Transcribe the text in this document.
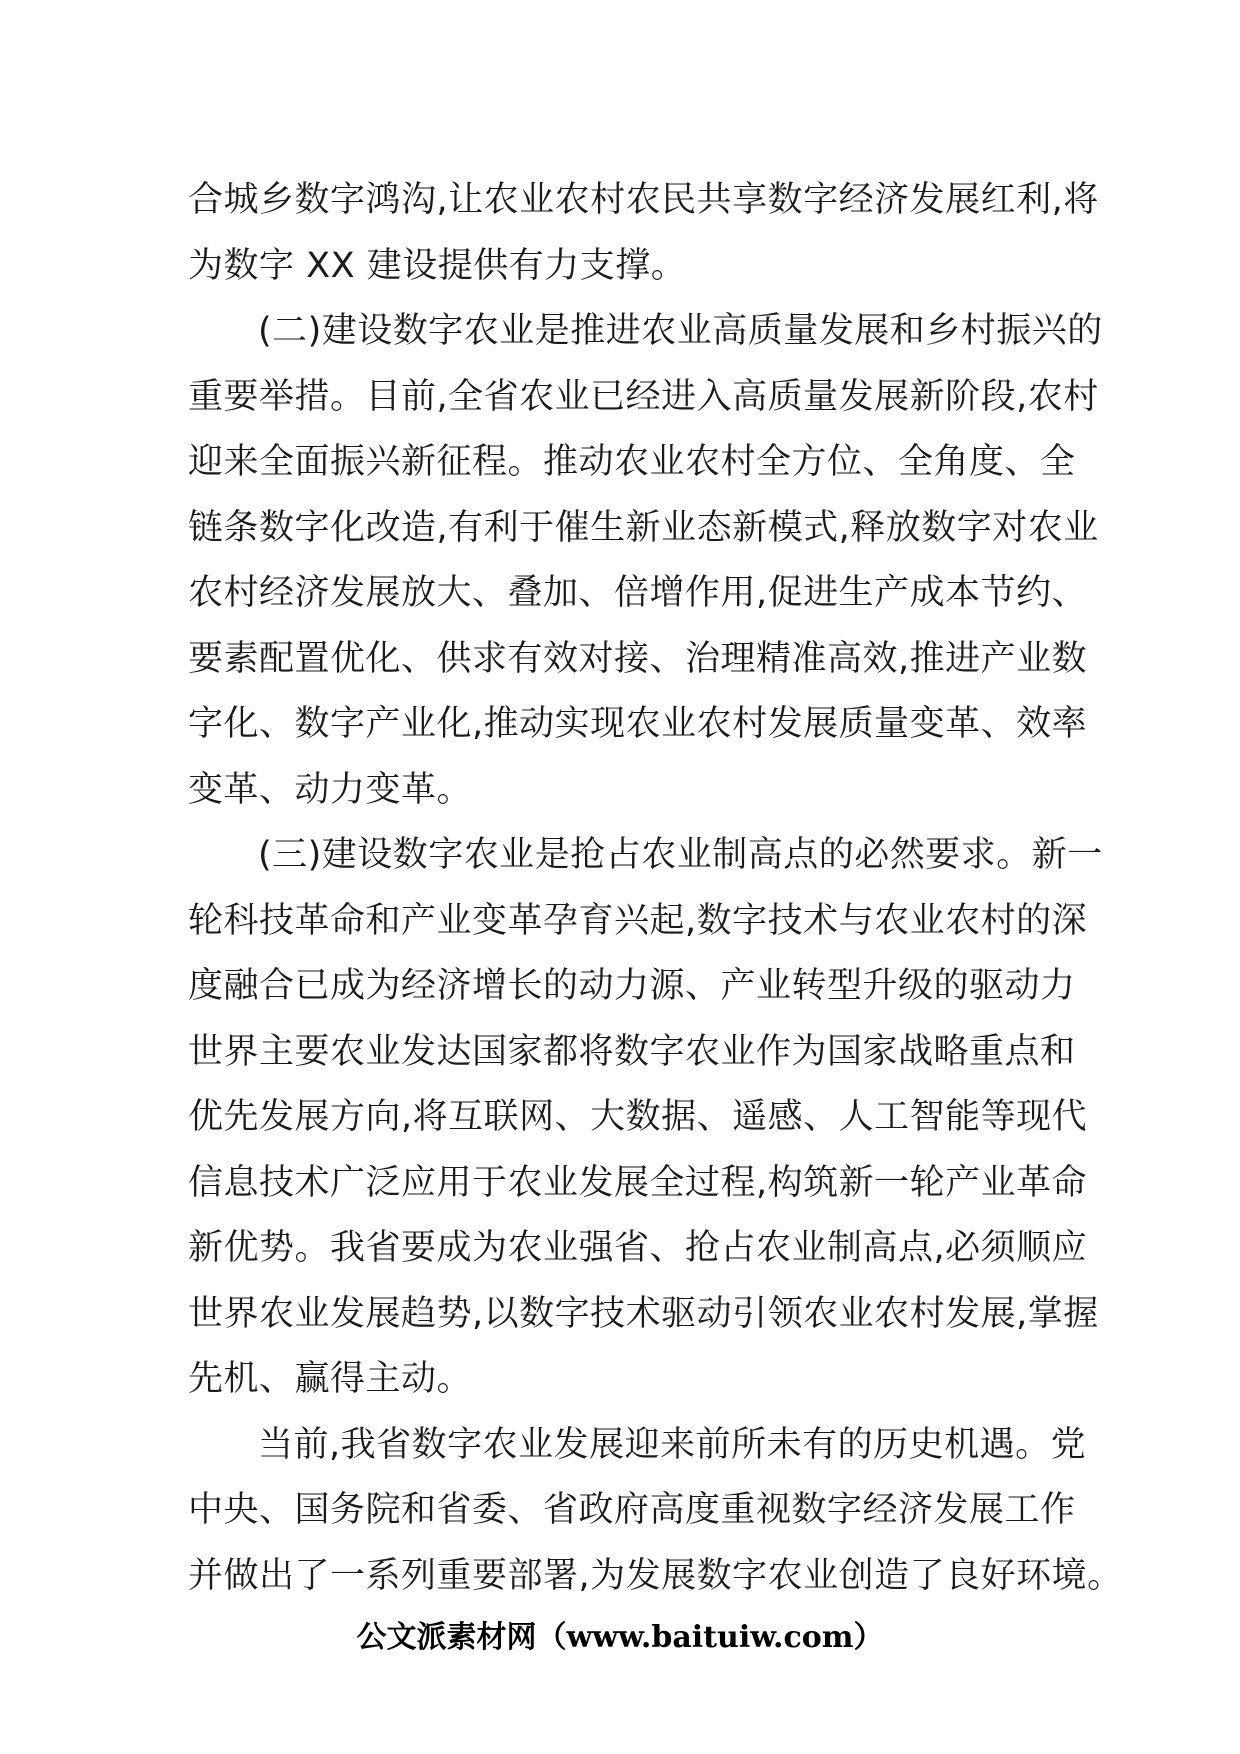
合城乡数字鸿沟,让农业农村农民共享数字经济发展红利,将
为数字 XX 建设提供有力支撑。
(二)建设数字农业是推进农业高质量发展和乡村振兴的
重要举措。目前,全省农业已经进入高质量发展新阶段,农村
迎来全面振兴新征程。推动农业农村全方位、全角度、全
链条数字化改造,有利于催生新业态新模式,释放数字对农业
农村经济发展放大、叠加、倍增作用,促进生产成本节约、
要素配置优化、供求有效对接、治理精准高效,推进产业数
字化、数字产业化,推动实现农业农村发展质量变革、效率
变革、动力变革。
(三)建设数字农业是抢占农业制高点的必然要求。新一
轮科技革命和产业变革孕育兴起,数字技术与农业农村的深
度融合已成为经济增长的动力源、产业转型升级的驱动力
世界主要农业发达国家都将数字农业作为国家战略重点和
优先发展方向,将互联网、大数据、遥感、人工智能等现代
信息技术广泛应用于农业发展全过程,构筑新一轮产业革命
新优势。我省要成为农业强省、抢占农业制高点,必须顺应
世界农业发展趋势,以数字技术驱动引领农业农村发展,掌握
先机、赢得主动。
当前,我省数字农业发展迎来前所未有的历史机遇。党
中央、国务院和省委、省政府高度重视数字经济发展工作
并做出了一系列重要部署,为发展数字农业创造了良好环境。
公文派素材网（www.baituiw.com）
